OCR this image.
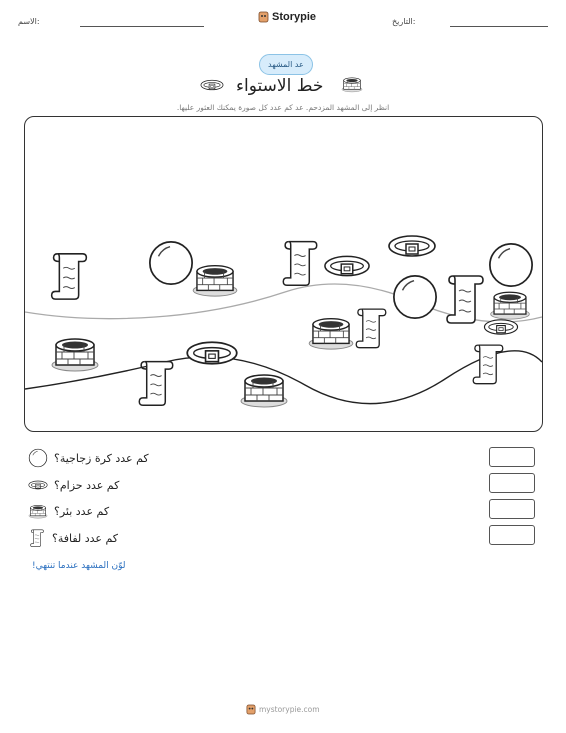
الاسم:	Storypie	التاريخ:
عد المشهد
خط الاستواء
انظر إلى المشهد المزدحم. عد كم عدد كل صورة يمكنك العثور عليها.
كم عدد كرة زجاجية؟
كم عدد حزام؟
كم عدد بئر؟
كم عدد لفافة؟
لوّن المشهد عندما تنتهي!
mystorypie.com
